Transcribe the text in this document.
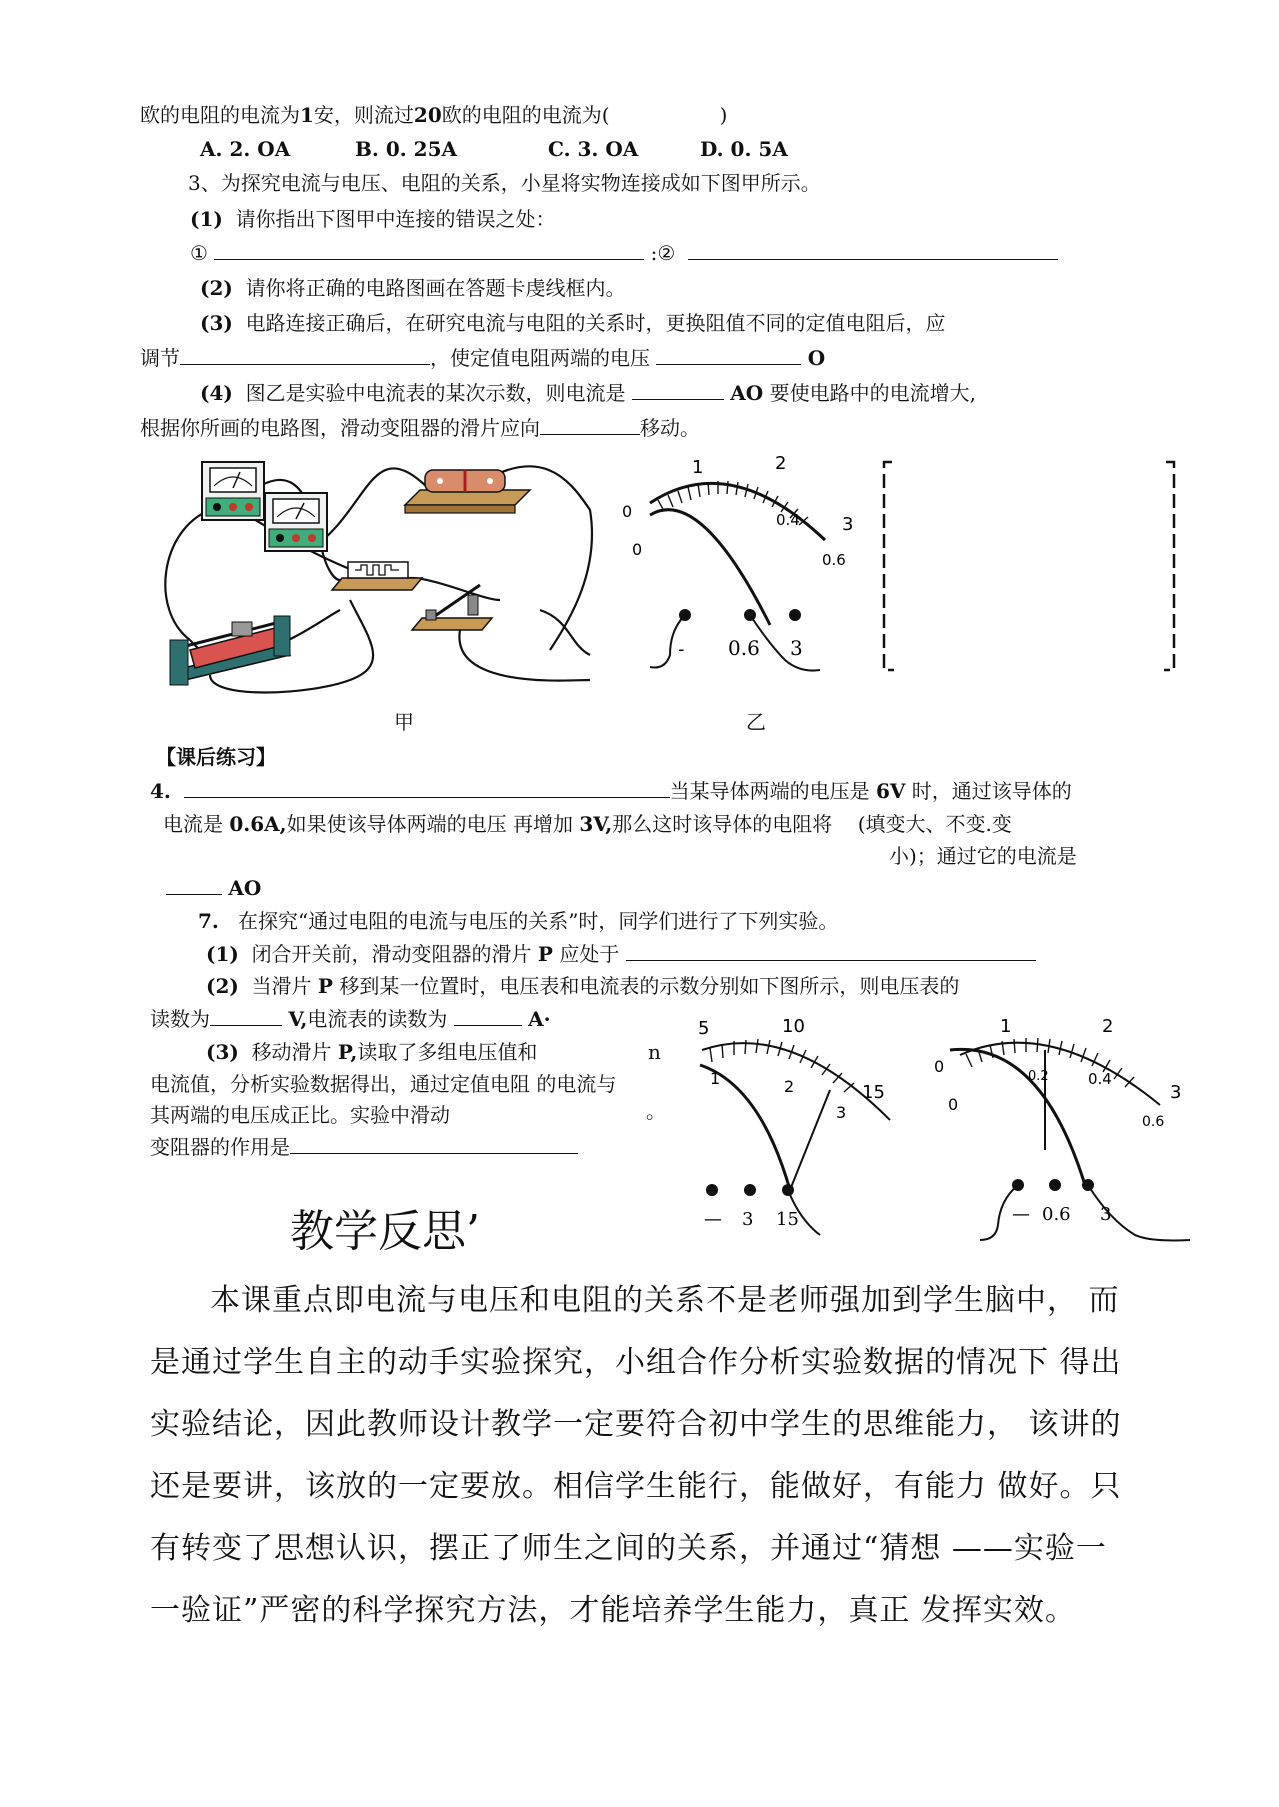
欧的电阻的电流为1安，则流过20欧的电阻的电流为(	)
A. 2. OA	B. 0. 25A	C. 3. OA	D. 0. 5A
3、为探究电流与电压、电阻的关系，小星将实物连接成如下图甲所示。
(1) 请你指出下图甲中连接的错误之处：
①	:②
(2) 请你将正确的电路图画在答题卡虔线框内。
(3) 电路连接正确后，在研究电流与电阻的关系时，更换阻值不同的定值电阻后，应
调节	，使定值电阻两端的电压	O
(4) 图乙是实验中电流表的某次示数，则电流是	AO 要使电路中的电流增大,
根据你所画的电路图，滑动变阻器的滑片应向	移动。
1	2
3
0
0
0.4
0.6
- 0.6 3
甲	乙
【课后练习】
4.	当某导体两端的电压是 6V 时，通过该导体的
电流是 0.6A,如果使该导体两端的电压 再增加 3V,那么这时该导体的电阻将 (填变大、不变.变
小)；通过它的电流是
AO
7. 在探究“通过电阻的电流与电压的关系”时，同学们进行了下列实验。
(1) 闭合开关前，滑动变阻器的滑片 P 应处于
(2) 当滑片 P 移到某一位置时，电压表和电流表的示数分别如下图所示，则电压表的
读数为	V,电流表的读数为	A·
(3) 移动滑片 P,读取了多组电压值和	n
电流值，分析实验数据得出，通过定值电阻 的电流与
其两端的电压成正比。实验中滑动	。
变阻器的作用是
5	10
15
1	2
3
— 3 15
1	2
3
0
0
0.2	0.4
0.6
— 0.6 3
教学反思’
本课重点即电流与电压和电阻的关系不是老师强加到学生脑中， 而
是通过学生自主的动手实验探究，小组合作分析实验数据的情况下 得出
实验结论，因此教师设计教学一定要符合初中学生的思维能力， 该讲的
还是要讲，该放的一定要放。相信学生能行，能做好，有能力 做好。只
有转变了思想认识，摆正了师生之间的关系，并通过“猜想 ——实验一
一验证”严密的科学探究方法，才能培养学生能力，真正 发挥实效。
